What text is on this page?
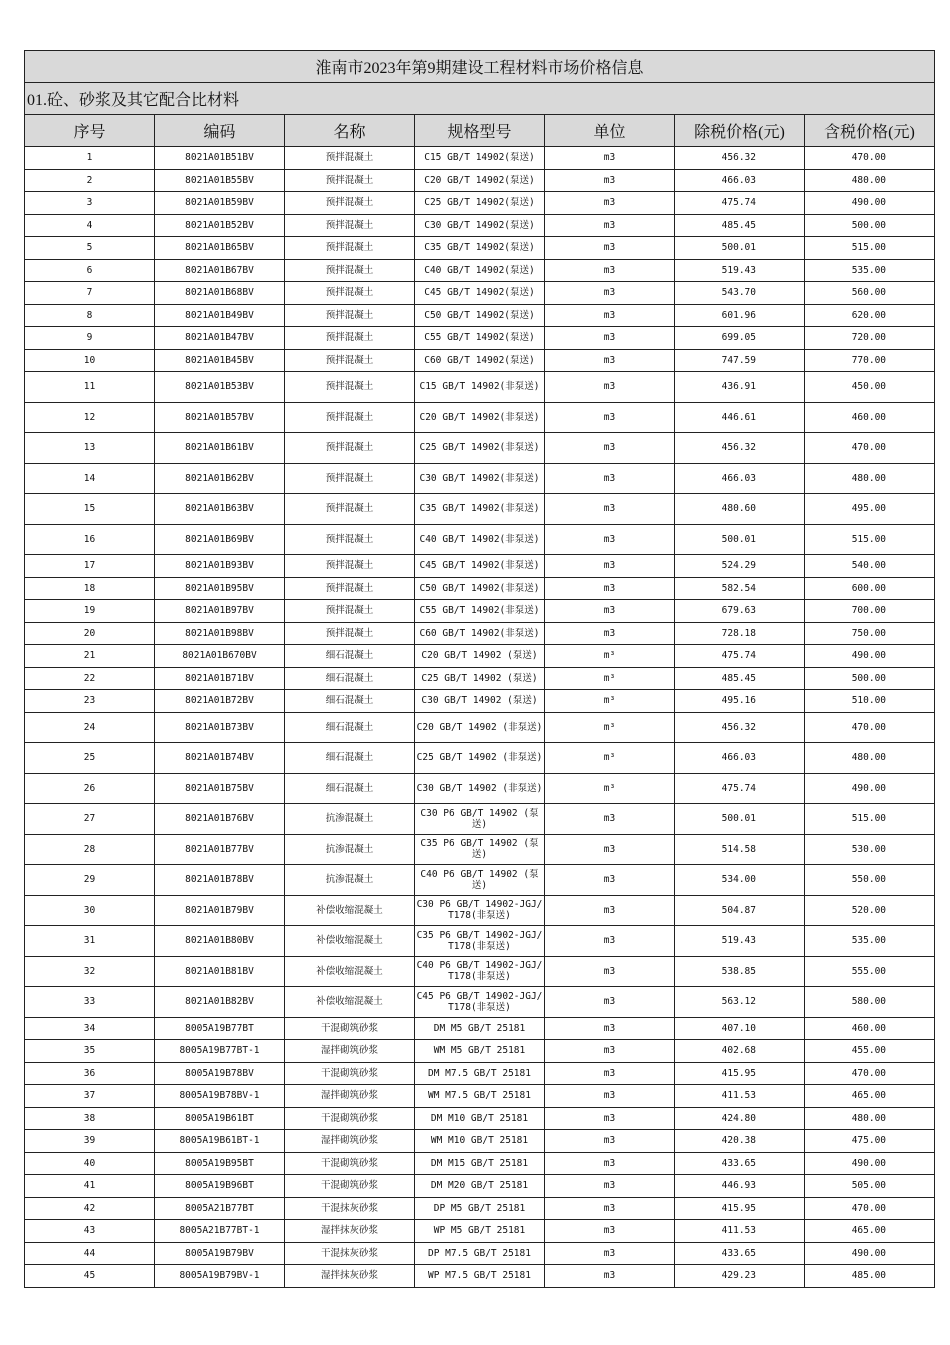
淮南市2023年第9期建设工程材料市场价格信息						
01.砼、砂浆及其它配合比材料						
序号	编码	名称	规格型号	单位	除税价格(元)	含税价格(元)
1	8021A01B51BV	预拌混凝土	C15 GB/T 14902(泵送)	m3	456.32	470.00
2	8021A01B55BV	预拌混凝土	C20 GB/T 14902(泵送)	m3	466.03	480.00
3	8021A01B59BV	预拌混凝土	C25 GB/T 14902(泵送)	m3	475.74	490.00
4	8021A01B52BV	预拌混凝土	C30 GB/T 14902(泵送)	m3	485.45	500.00
5	8021A01B65BV	预拌混凝土	C35 GB/T 14902(泵送)	m3	500.01	515.00
6	8021A01B67BV	预拌混凝土	C40 GB/T 14902(泵送)	m3	519.43	535.00
7	8021A01B68BV	预拌混凝土	C45 GB/T 14902(泵送)	m3	543.70	560.00
8	8021A01B49BV	预拌混凝土	C50 GB/T 14902(泵送)	m3	601.96	620.00
9	8021A01B47BV	预拌混凝土	C55 GB/T 14902(泵送)	m3	699.05	720.00
10	8021A01B45BV	预拌混凝土	C60 GB/T 14902(泵送)	m3	747.59	770.00
11	8021A01B53BV	预拌混凝土	C15 GB/T 14902(非泵送)	m3	436.91	450.00
12	8021A01B57BV	预拌混凝土	C20 GB/T 14902(非泵送)	m3	446.61	460.00
13	8021A01B61BV	预拌混凝土	C25 GB/T 14902(非泵送)	m3	456.32	470.00
14	8021A01B62BV	预拌混凝土	C30 GB/T 14902(非泵送)	m3	466.03	480.00
15	8021A01B63BV	预拌混凝土	C35 GB/T 14902(非泵送)	m3	480.60	495.00
16	8021A01B69BV	预拌混凝土	C40 GB/T 14902(非泵送)	m3	500.01	515.00
17	8021A01B93BV	预拌混凝土	C45 GB/T 14902(非泵送)	m3	524.29	540.00
18	8021A01B95BV	预拌混凝土	C50 GB/T 14902(非泵送)	m3	582.54	600.00
19	8021A01B97BV	预拌混凝土	C55 GB/T 14902(非泵送)	m3	679.63	700.00
20	8021A01B98BV	预拌混凝土	C60 GB/T 14902(非泵送)	m3	728.18	750.00
21	8021A01B670BV	细石混凝土	C20 GB/T 14902 (泵送)	m³	475.74	490.00
22	8021A01B71BV	细石混凝土	C25 GB/T 14902 (泵送)	m³	485.45	500.00
23	8021A01B72BV	细石混凝土	C30 GB/T 14902 (泵送)	m³	495.16	510.00
24	8021A01B73BV	细石混凝土	C20 GB/T 14902 (非泵送)	m³	456.32	470.00
25	8021A01B74BV	细石混凝土	C25 GB/T 14902 (非泵送)	m³	466.03	480.00
26	8021A01B75BV	细石混凝土	C30 GB/T 14902 (非泵送)	m³	475.74	490.00
27	8021A01B76BV	抗渗混凝土	C30 P6 GB/T 14902 (泵送)	m3	500.01	515.00
28	8021A01B77BV	抗渗混凝土	C35 P6 GB/T 14902 (泵送)	m3	514.58	530.00
29	8021A01B78BV	抗渗混凝土	C40 P6 GB/T 14902 (泵送)	m3	534.00	550.00
30	8021A01B79BV	补偿收缩混凝土	C30 P6 GB/T 14902-JGJ/T178(非泵送)	m3	504.87	520.00
31	8021A01B80BV	补偿收缩混凝土	C35 P6 GB/T 14902-JGJ/T178(非泵送)	m3	519.43	535.00
32	8021A01B81BV	补偿收缩混凝土	C40 P6 GB/T 14902-JGJ/T178(非泵送)	m3	538.85	555.00
33	8021A01B82BV	补偿收缩混凝土	C45 P6 GB/T 14902-JGJ/T178(非泵送)	m3	563.12	580.00
34	8005A19B77BT	干混砌筑砂浆	DM M5 GB/T 25181	m3	407.10	460.00
35	8005A19B77BT-1	湿拌砌筑砂浆	WM M5 GB/T 25181	m3	402.68	455.00
36	8005A19B78BV	干混砌筑砂浆	DM M7.5 GB/T 25181	m3	415.95	470.00
37	8005A19B78BV-1	湿拌砌筑砂浆	WM M7.5 GB/T 25181	m3	411.53	465.00
38	8005A19B61BT	干混砌筑砂浆	DM M10 GB/T 25181	m3	424.80	480.00
39	8005A19B61BT-1	湿拌砌筑砂浆	WM M10 GB/T 25181	m3	420.38	475.00
40	8005A19B95BT	干混砌筑砂浆	DM M15 GB/T 25181	m3	433.65	490.00
41	8005A19B96BT	干混砌筑砂浆	DM M20 GB/T 25181	m3	446.93	505.00
42	8005A21B77BT	干混抹灰砂浆	DP M5 GB/T 25181	m3	415.95	470.00
43	8005A21B77BT-1	湿拌抹灰砂浆	WP M5 GB/T 25181	m3	411.53	465.00
44	8005A19B79BV	干混抹灰砂浆	DP M7.5 GB/T 25181	m3	433.65	490.00
45	8005A19B79BV-1	湿拌抹灰砂浆	WP M7.5 GB/T 25181	m3	429.23	485.00
